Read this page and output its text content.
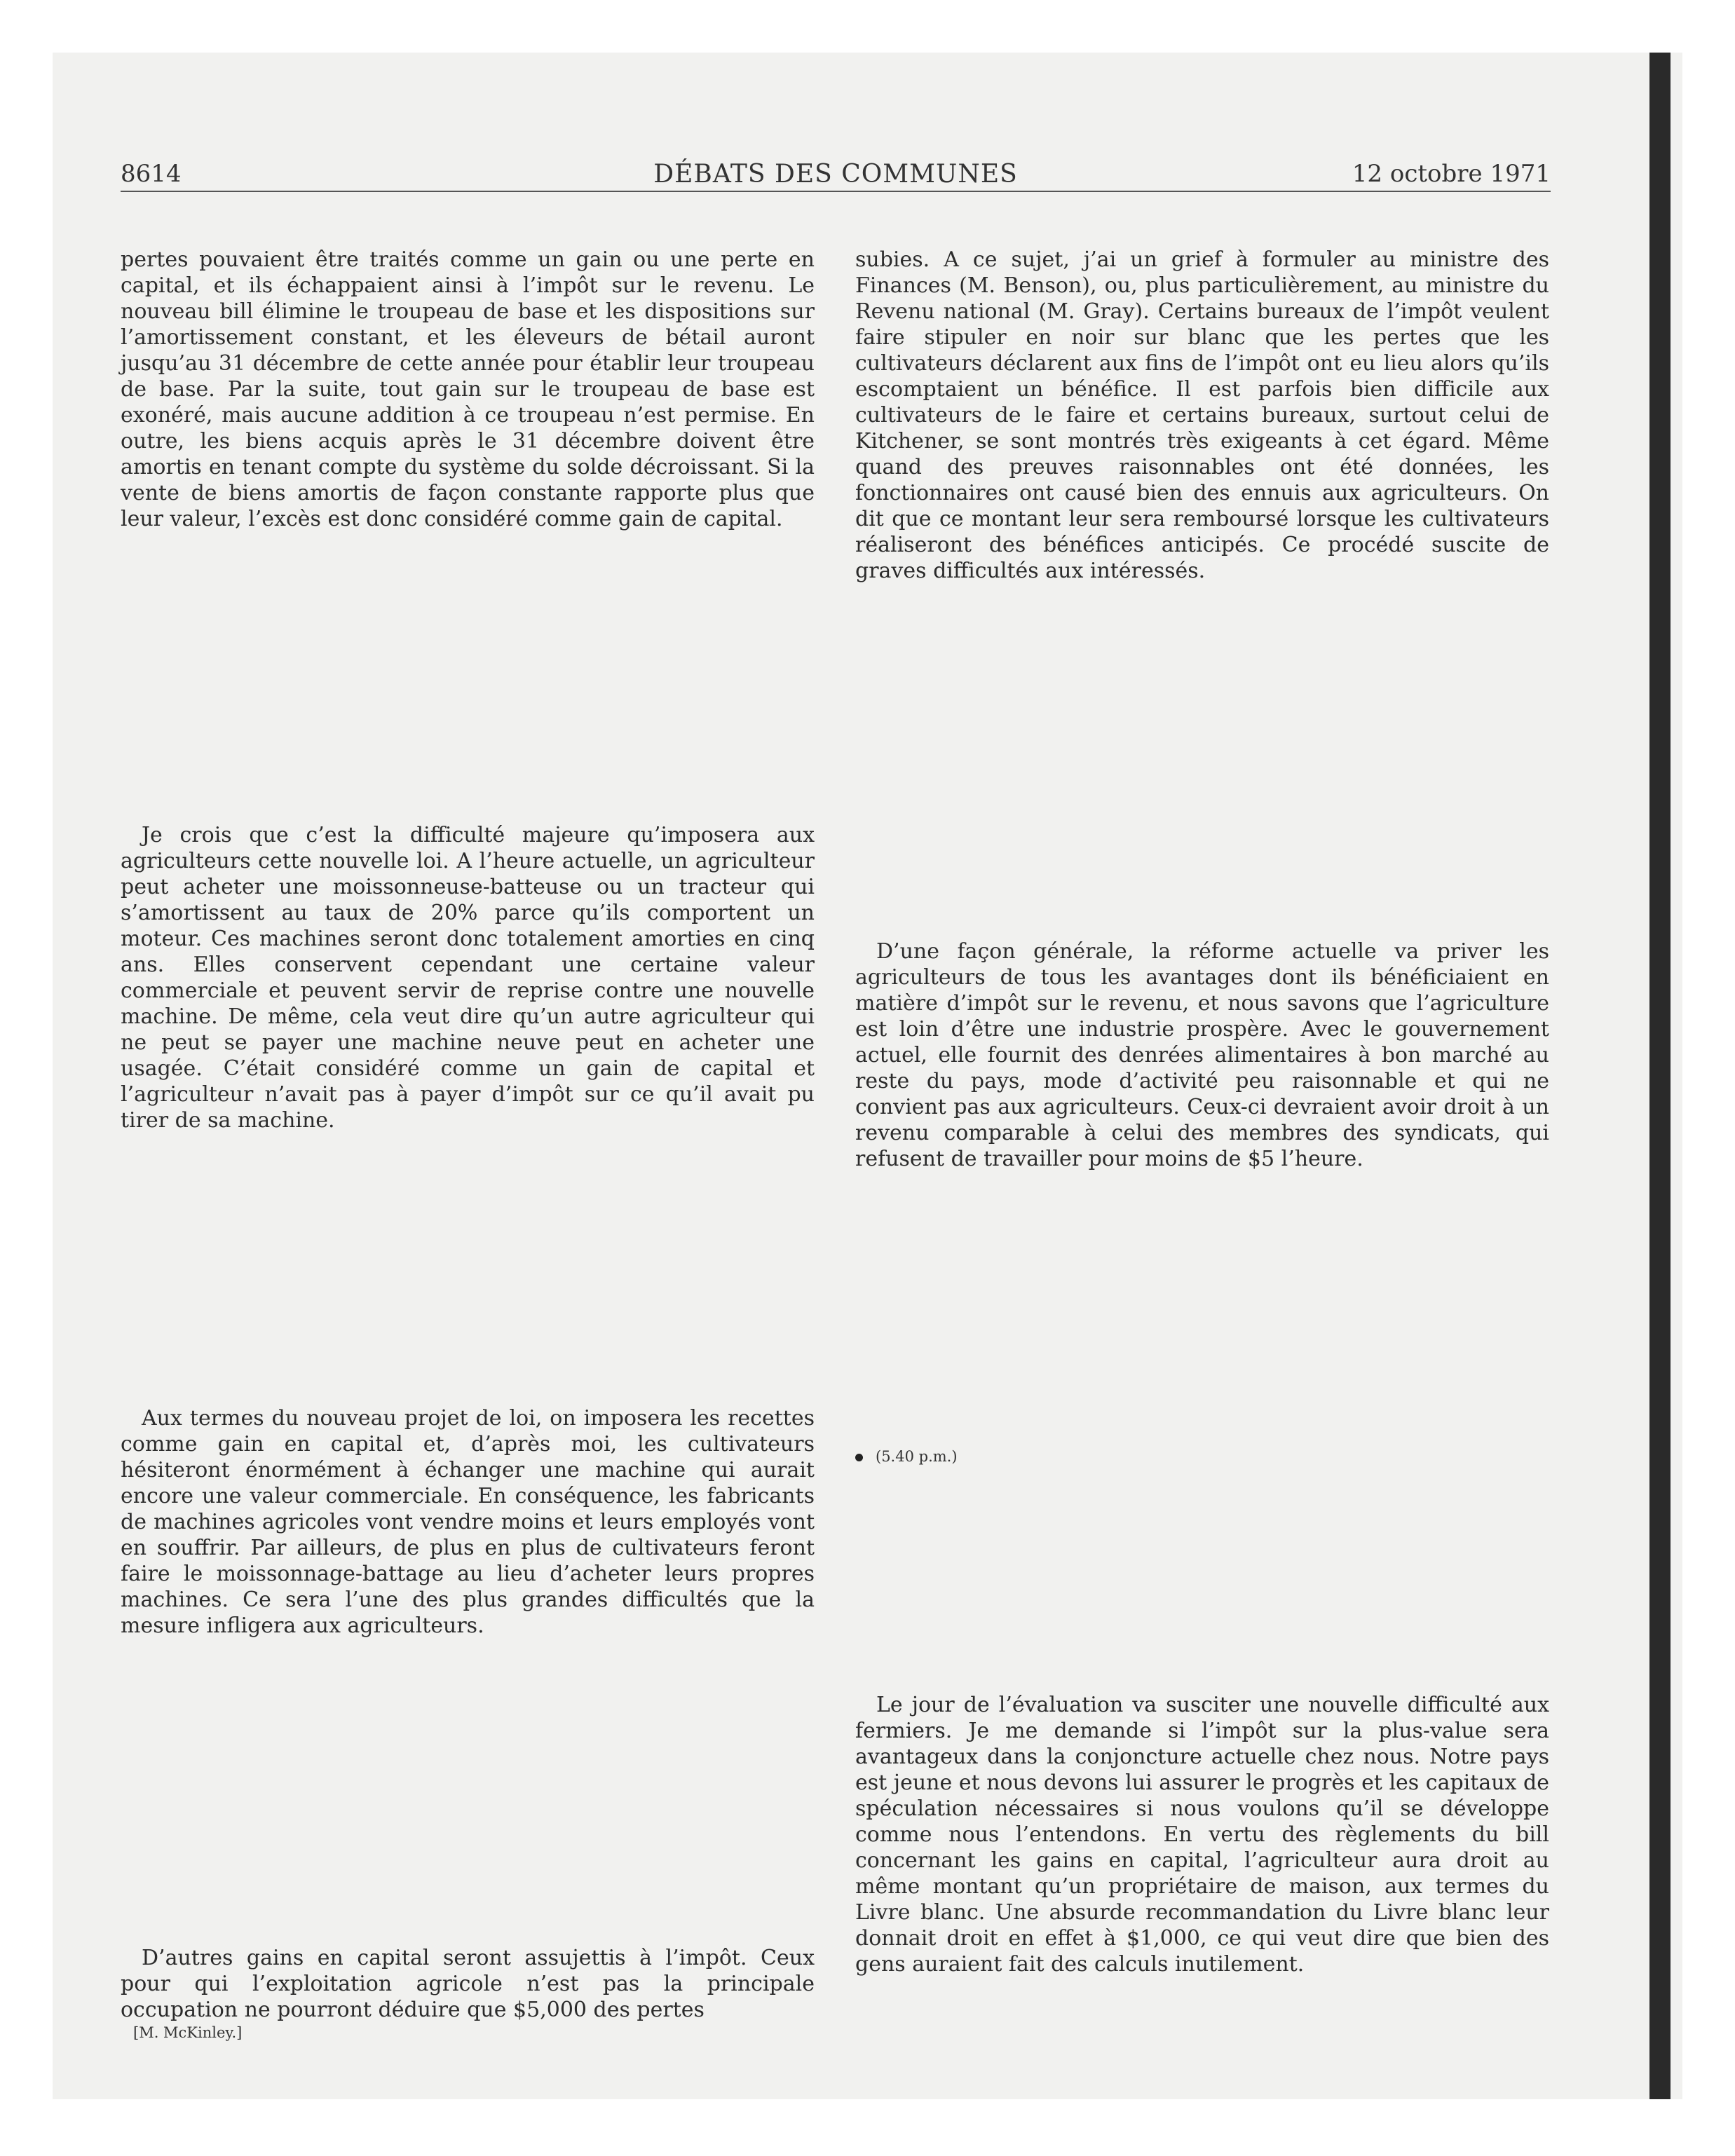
8614	DÉBATS DES COMMUNES	12 octobre 1971

pertes pouvaient être traités comme un gain ou une perte en capital, et ils échappaient ainsi à l’impôt sur le revenu. Le nouveau bill élimine le troupeau de base et les dispositions sur l’amortissement constant, et les éleveurs de bétail auront jusqu’au 31 décembre de cette année pour établir leur troupeau de base. Par la suite, tout gain sur le troupeau de base est exonéré, mais aucune addition à ce troupeau n’est permise. En outre, les biens acquis après le 31 décembre doivent être amortis en tenant compte du système du solde décroissant. Si la vente de biens amortis de façon constante rapporte plus que leur valeur, l’excès est donc considéré comme gain de capital.

Je crois que c’est la difficulté majeure qu’imposera aux agriculteurs cette nouvelle loi. A l’heure actuelle, un agriculteur peut acheter une moissonneuse-batteuse ou un tracteur qui s’amortissent au taux de 20% parce qu’ils comportent un moteur. Ces machines seront donc totalement amorties en cinq ans. Elles conservent cependant une certaine valeur commerciale et peuvent servir de reprise contre une nouvelle machine. De même, cela veut dire qu’un autre agriculteur qui ne peut se payer une machine neuve peut en acheter une usagée. C’était considéré comme un gain de capital et l’agriculteur n’avait pas à payer d’impôt sur ce qu’il avait pu tirer de sa machine.

Aux termes du nouveau projet de loi, on imposera les recettes comme gain en capital et, d’après moi, les cultivateurs hésiteront énormément à échanger une machine qui aurait encore une valeur commerciale. En conséquence, les fabricants de machines agricoles vont vendre moins et leurs employés vont en souffrir. Par ailleurs, de plus en plus de cultivateurs feront faire le moissonnage-battage au lieu d’acheter leurs propres machines. Ce sera l’une des plus grandes difficultés que la mesure infligera aux agriculteurs.

D’autres gains en capital seront assujettis à l’impôt. Ceux pour qui l’exploitation agricole n’est pas la principale occupation ne pourront déduire que $5,000 des pertes

[M. McKinley.]

subies. A ce sujet, j’ai un grief à formuler au ministre des Finances (M. Benson), ou, plus particulièrement, au ministre du Revenu national (M. Gray). Certains bureaux de l’impôt veulent faire stipuler en noir sur blanc que les pertes que les cultivateurs déclarent aux fins de l’impôt ont eu lieu alors qu’ils escomptaient un bénéfice. Il est parfois bien difficile aux cultivateurs de le faire et certains bureaux, surtout celui de Kitchener, se sont montrés très exigeants à cet égard. Même quand des preuves raisonnables ont été données, les fonctionnaires ont causé bien des ennuis aux agriculteurs. On dit que ce montant leur sera remboursé lorsque les cultivateurs réaliseront des bénéfices anticipés. Ce procédé suscite de graves difficultés aux intéressés.

D’une façon générale, la réforme actuelle va priver les agriculteurs de tous les avantages dont ils bénéficiaient en matière d’impôt sur le revenu, et nous savons que l’agriculture est loin d’être une industrie prospère. Avec le gouvernement actuel, elle fournit des denrées alimentaires à bon marché au reste du pays, mode d’activité peu raisonnable et qui ne convient pas aux agriculteurs. Ceux-ci devraient avoir droit à un revenu comparable à celui des membres des syndicats, qui refusent de travailler pour moins de $5 l’heure.

(5.40 p.m.)

Le jour de l’évaluation va susciter une nouvelle difficulté aux fermiers. Je me demande si l’impôt sur la plus-value sera avantageux dans la conjoncture actuelle chez nous. Notre pays est jeune et nous devons lui assurer le progrès et les capitaux de spéculation nécessaires si nous voulons qu’il se développe comme nous l’entendons. En vertu des règlements du bill concernant les gains en capital, l’agriculteur aura droit au même montant qu’un propriétaire de maison, aux termes du Livre blanc. Une absurde recommandation du Livre blanc leur donnait droit en effet à $1,000, ce qui veut dire que bien des gens auraient fait des calculs inutilement.
